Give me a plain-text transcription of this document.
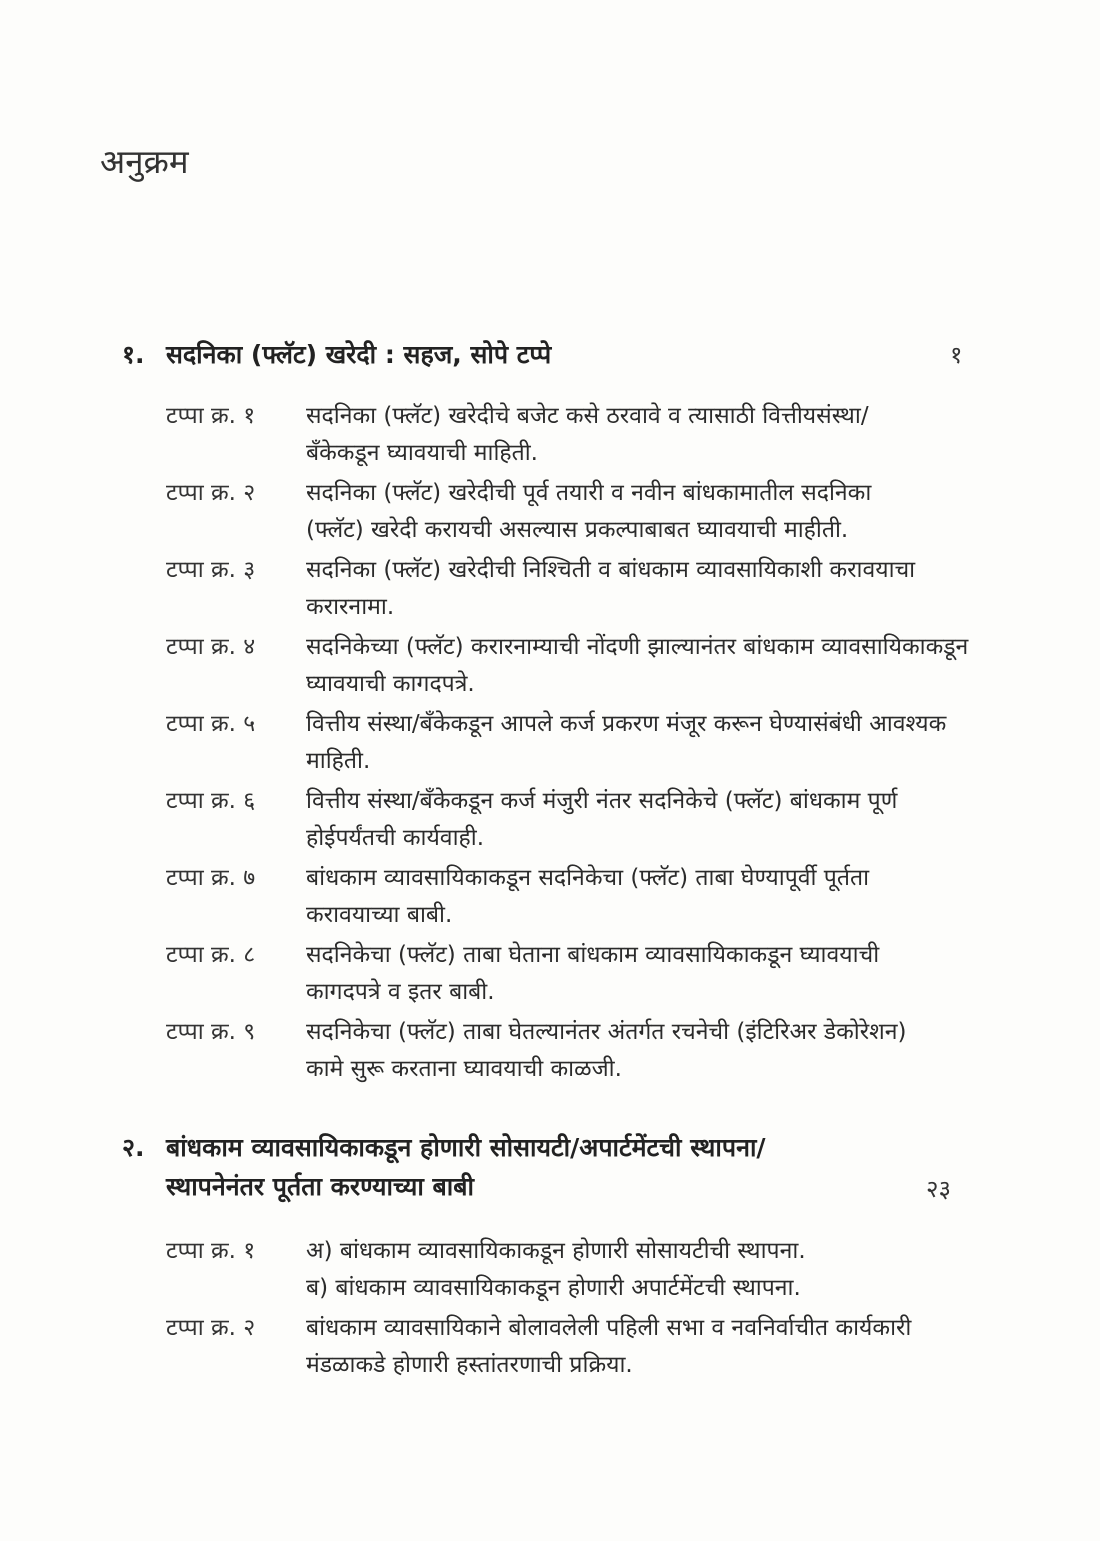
अनुक्रम
१. सदनिका (फ्लॅट) खरेदी : सहज, सोपे टप्पे	१
टप्पा क्र. १ सदनिका (फ्लॅट) खरेदीचे बजेट कसे ठरवावे व त्यासाठी वित्तीयसंस्था/
बँकेकडून घ्यावयाची माहिती.
टप्पा क्र. २ सदनिका (फ्लॅट) खरेदीची पूर्व तयारी व नवीन बांधकामातील सदनिका
(फ्लॅट) खरेदी करायची असल्यास प्रकल्पाबाबत घ्यावयाची माहीती.
टप्पा क्र. ३ सदनिका (फ्लॅट) खरेदीची निश्चिती व बांधकाम व्यावसायिकाशी करावयाचा
करारनामा.
टप्पा क्र. ४ सदनिकेच्या (फ्लॅट) करारनाम्याची नोंदणी झाल्यानंतर बांधकाम व्यावसायिकाकडून
घ्यावयाची कागदपत्रे.
टप्पा क्र. ५ वित्तीय संस्था/बँकेकडून आपले कर्ज प्रकरण मंजूर करून घेण्यासंबंधी आवश्यक
माहिती.
टप्पा क्र. ६ वित्तीय संस्था/बँकेकडून कर्ज मंजुरी नंतर सदनिकेचे (फ्लॅट) बांधकाम पूर्ण
होईपर्यंतची कार्यवाही.
टप्पा क्र. ७ बांधकाम व्यावसायिकाकडून सदनिकेचा (फ्लॅट) ताबा घेण्यापूर्वी पूर्तता
करावयाच्या बाबी.
टप्पा क्र. ८ सदनिकेचा (फ्लॅट) ताबा घेताना बांधकाम व्यावसायिकाकडून घ्यावयाची
कागदपत्रे व इतर बाबी.
टप्पा क्र. ९ सदनिकेचा (फ्लॅट) ताबा घेतल्यानंतर अंतर्गत रचनेची (इंटिरिअर डेकोरेशन)
कामे सुरू करताना घ्यावयाची काळजी.
२. बांधकाम व्यावसायिकाकडून होणारी सोसायटी/अपार्टमेंटची स्थापना/
स्थापनेनंतर पूर्तता करण्याच्या बाबी	२३
टप्पा क्र. १ अ) बांधकाम व्यावसायिकाकडून होणारी सोसायटीची स्थापना.
ब) बांधकाम व्यावसायिकाकडून होणारी अपार्टमेंटची स्थापना.
टप्पा क्र. २ बांधकाम व्यावसायिकाने बोलावलेली पहिली सभा व नवनिर्वाचीत कार्यकारी
मंडळाकडे होणारी हस्तांतरणाची प्रक्रिया.
